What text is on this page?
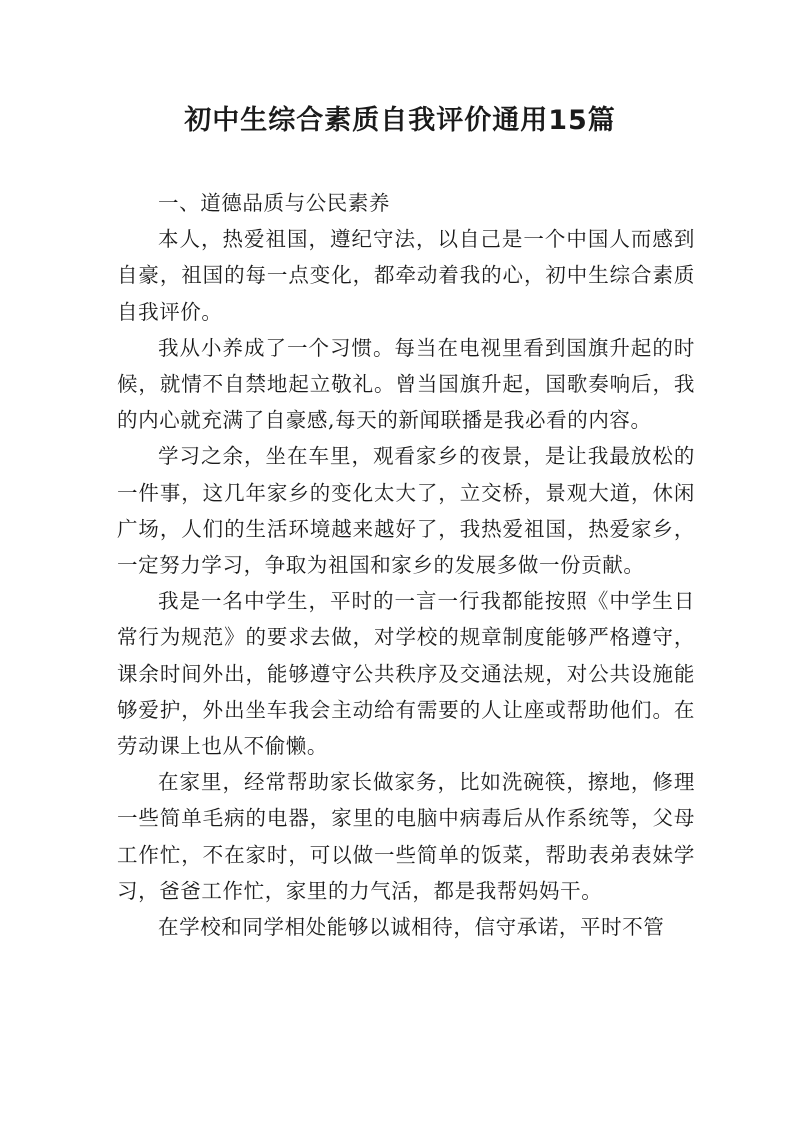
初中生综合素质自我评价通用15篇

一、道德品质与公民素养

本人，热爱祖国，遵纪守法，以自己是一个中国人而感到自豪，祖国的每一点变化，都牵动着我的心，初中生综合素质自我评价。

我从小养成了一个习惯。每当在电视里看到国旗升起的时候，就情不自禁地起立敬礼。曾当国旗升起，国歌奏响后，我的内心就充满了自豪感,每天的新闻联播是我必看的内容。

学习之余，坐在车里，观看家乡的夜景，是让我最放松的一件事，这几年家乡的变化太大了，立交桥，景观大道，休闲广场，人们的生活环境越来越好了，我热爱祖国，热爱家乡，一定努力学习，争取为祖国和家乡的发展多做一份贡献。

我是一名中学生，平时的一言一行我都能按照《中学生日常行为规范》的要求去做，对学校的规章制度能够严格遵守，课余时间外出，能够遵守公共秩序及交通法规，对公共设施能够爱护，外出坐车我会主动给有需要的人让座或帮助他们。在劳动课上也从不偷懒。

在家里，经常帮助家长做家务，比如洗碗筷，擦地，修理一些简单毛病的电器，家里的电脑中病毒后从作系统等，父母工作忙，不在家时，可以做一些简单的饭菜，帮助表弟表妹学习，爸爸工作忙，家里的力气活，都是我帮妈妈干。

在学校和同学相处能够以诚相待，信守承诺，平时不管
